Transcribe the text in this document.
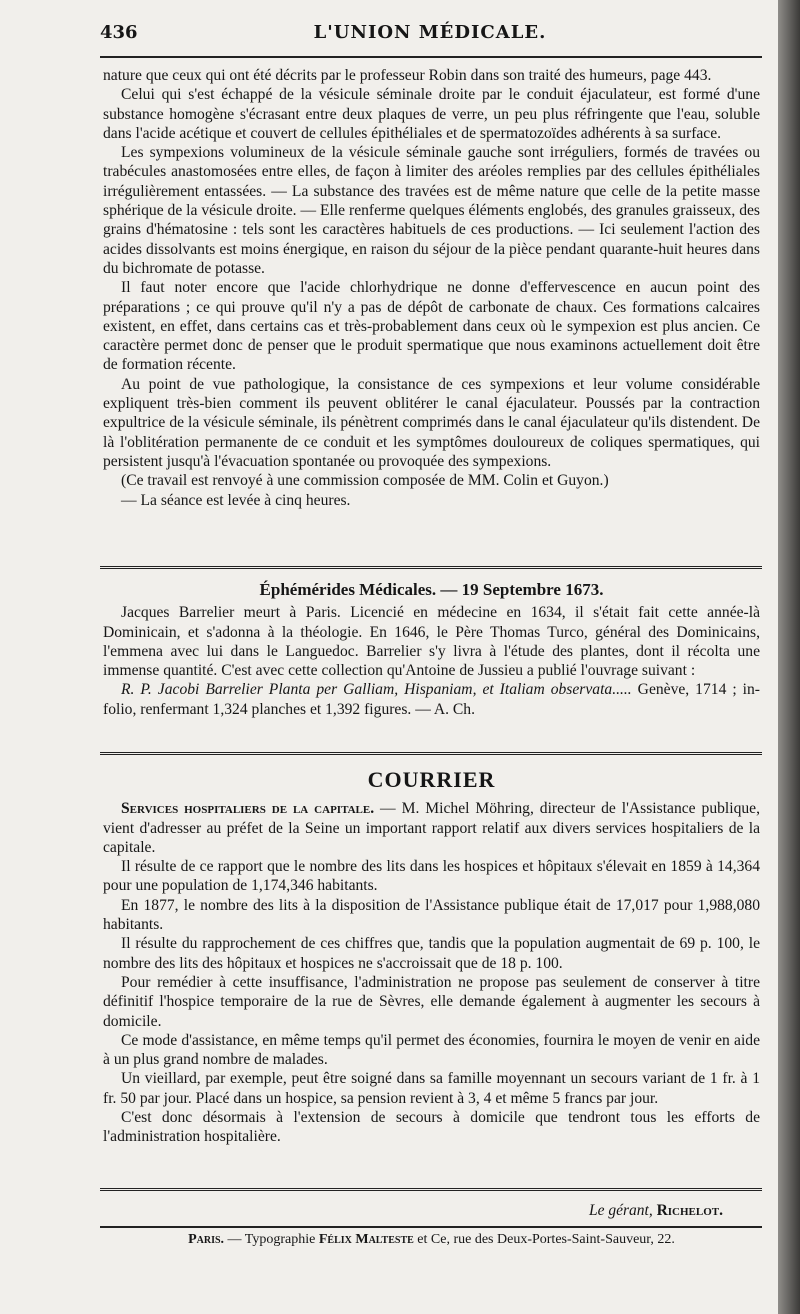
436	L'UNION MÉDICALE.

nature que ceux qui ont été décrits par le professeur Robin dans son traité des humeurs, page 443.

Celui qui s'est échappé de la vésicule séminale droite par le conduit éjaculateur, est formé d'une substance homogène s'écrasant entre deux plaques de verre, un peu plus réfringente que l'eau, soluble dans l'acide acétique et couvert de cellules épithéliales et de spermatozoïdes adhérents à sa surface.

Les sympexions volumineux de la vésicule séminale gauche sont irréguliers, formés de travées ou trabécules anastomosées entre elles, de façon à limiter des aréoles remplies par des cellules épithéliales irrégulièrement entassées. — La substance des travées est de même nature que celle de la petite masse sphérique de la vésicule droite. — Elle renferme quelques éléments englobés, des granules graisseux, des grains d'hématosine : tels sont les caractères habituels de ces productions. — Ici seulement l'action des acides dissolvants est moins énergique, en raison du séjour de la pièce pendant quarante-huit heures dans du bichromate de potasse.

Il faut noter encore que l'acide chlorhydrique ne donne d'effervescence en aucun point des préparations ; ce qui prouve qu'il n'y a pas de dépôt de carbonate de chaux. Ces formations calcaires existent, en effet, dans certains cas et très-probablement dans ceux où le sympexion est plus ancien. Ce caractère permet donc de penser que le produit spermatique que nous examinons actuellement doit être de formation récente.

Au point de vue pathologique, la consistance de ces sympexions et leur volume considérable expliquent très-bien comment ils peuvent oblitérer le canal éjaculateur. Poussés par la contraction expultrice de la vésicule séminale, ils pénètrent comprimés dans le canal éjaculateur qu'ils distendent. De là l'oblitération permanente de ce conduit et les symptômes douloureux de coliques spermatiques, qui persistent jusqu'à l'évacuation spontanée ou provoquée des sympexions.

(Ce travail est renvoyé à une commission composée de MM. Colin et Guyon.)

— La séance est levée à cinq heures.

Éphémérides Médicales. — 19 Septembre 1673.

Jacques Barrelier meurt à Paris. Licencié en médecine en 1634, il s'était fait cette année-là Dominicain, et s'adonna à la théologie. En 1646, le Père Thomas Turco, général des Dominicains, l'emmena avec lui dans le Languedoc. Barrelier s'y livra à l'étude des plantes, dont il récolta une immense quantité. C'est avec cette collection qu'Antoine de Jussieu a publié l'ouvrage suivant :

R. P. Jacobi Barrelier Planta per Galliam, Hispaniam, et Italiam observata..... Genève, 1714 ; in-folio, renfermant 1,324 planches et 1,392 figures. — A. Ch.

COURRIER

Services hospitaliers de la capitale. — M. Michel Möhring, directeur de l'Assistance publique, vient d'adresser au préfet de la Seine un important rapport relatif aux divers services hospitaliers de la capitale.

Il résulte de ce rapport que le nombre des lits dans les hospices et hôpitaux s'élevait en 1859 à 14,364 pour une population de 1,174,346 habitants.

En 1877, le nombre des lits à la disposition de l'Assistance publique était de 17,017 pour 1,988,080 habitants.

Il résulte du rapprochement de ces chiffres que, tandis que la population augmentait de 69 p. 100, le nombre des lits des hôpitaux et hospices ne s'accroissait que de 18 p. 100.

Pour remédier à cette insuffisance, l'administration ne propose pas seulement de conserver à titre définitif l'hospice temporaire de la rue de Sèvres, elle demande également à augmenter les secours à domicile.

Ce mode d'assistance, en même temps qu'il permet des économies, fournira le moyen de venir en aide à un plus grand nombre de malades.

Un vieillard, par exemple, peut être soigné dans sa famille moyennant un secours variant de 1 fr. à 1 fr. 50 par jour. Placé dans un hospice, sa pension revient à 3, 4 et même 5 francs par jour.

C'est donc désormais à l'extension de secours à domicile que tendront tous les efforts de l'administration hospitalière.

Le gérant, Richelot.
Paris. — Typographie Félix Malteste et Ce, rue des Deux-Portes-Saint-Sauveur, 22.
